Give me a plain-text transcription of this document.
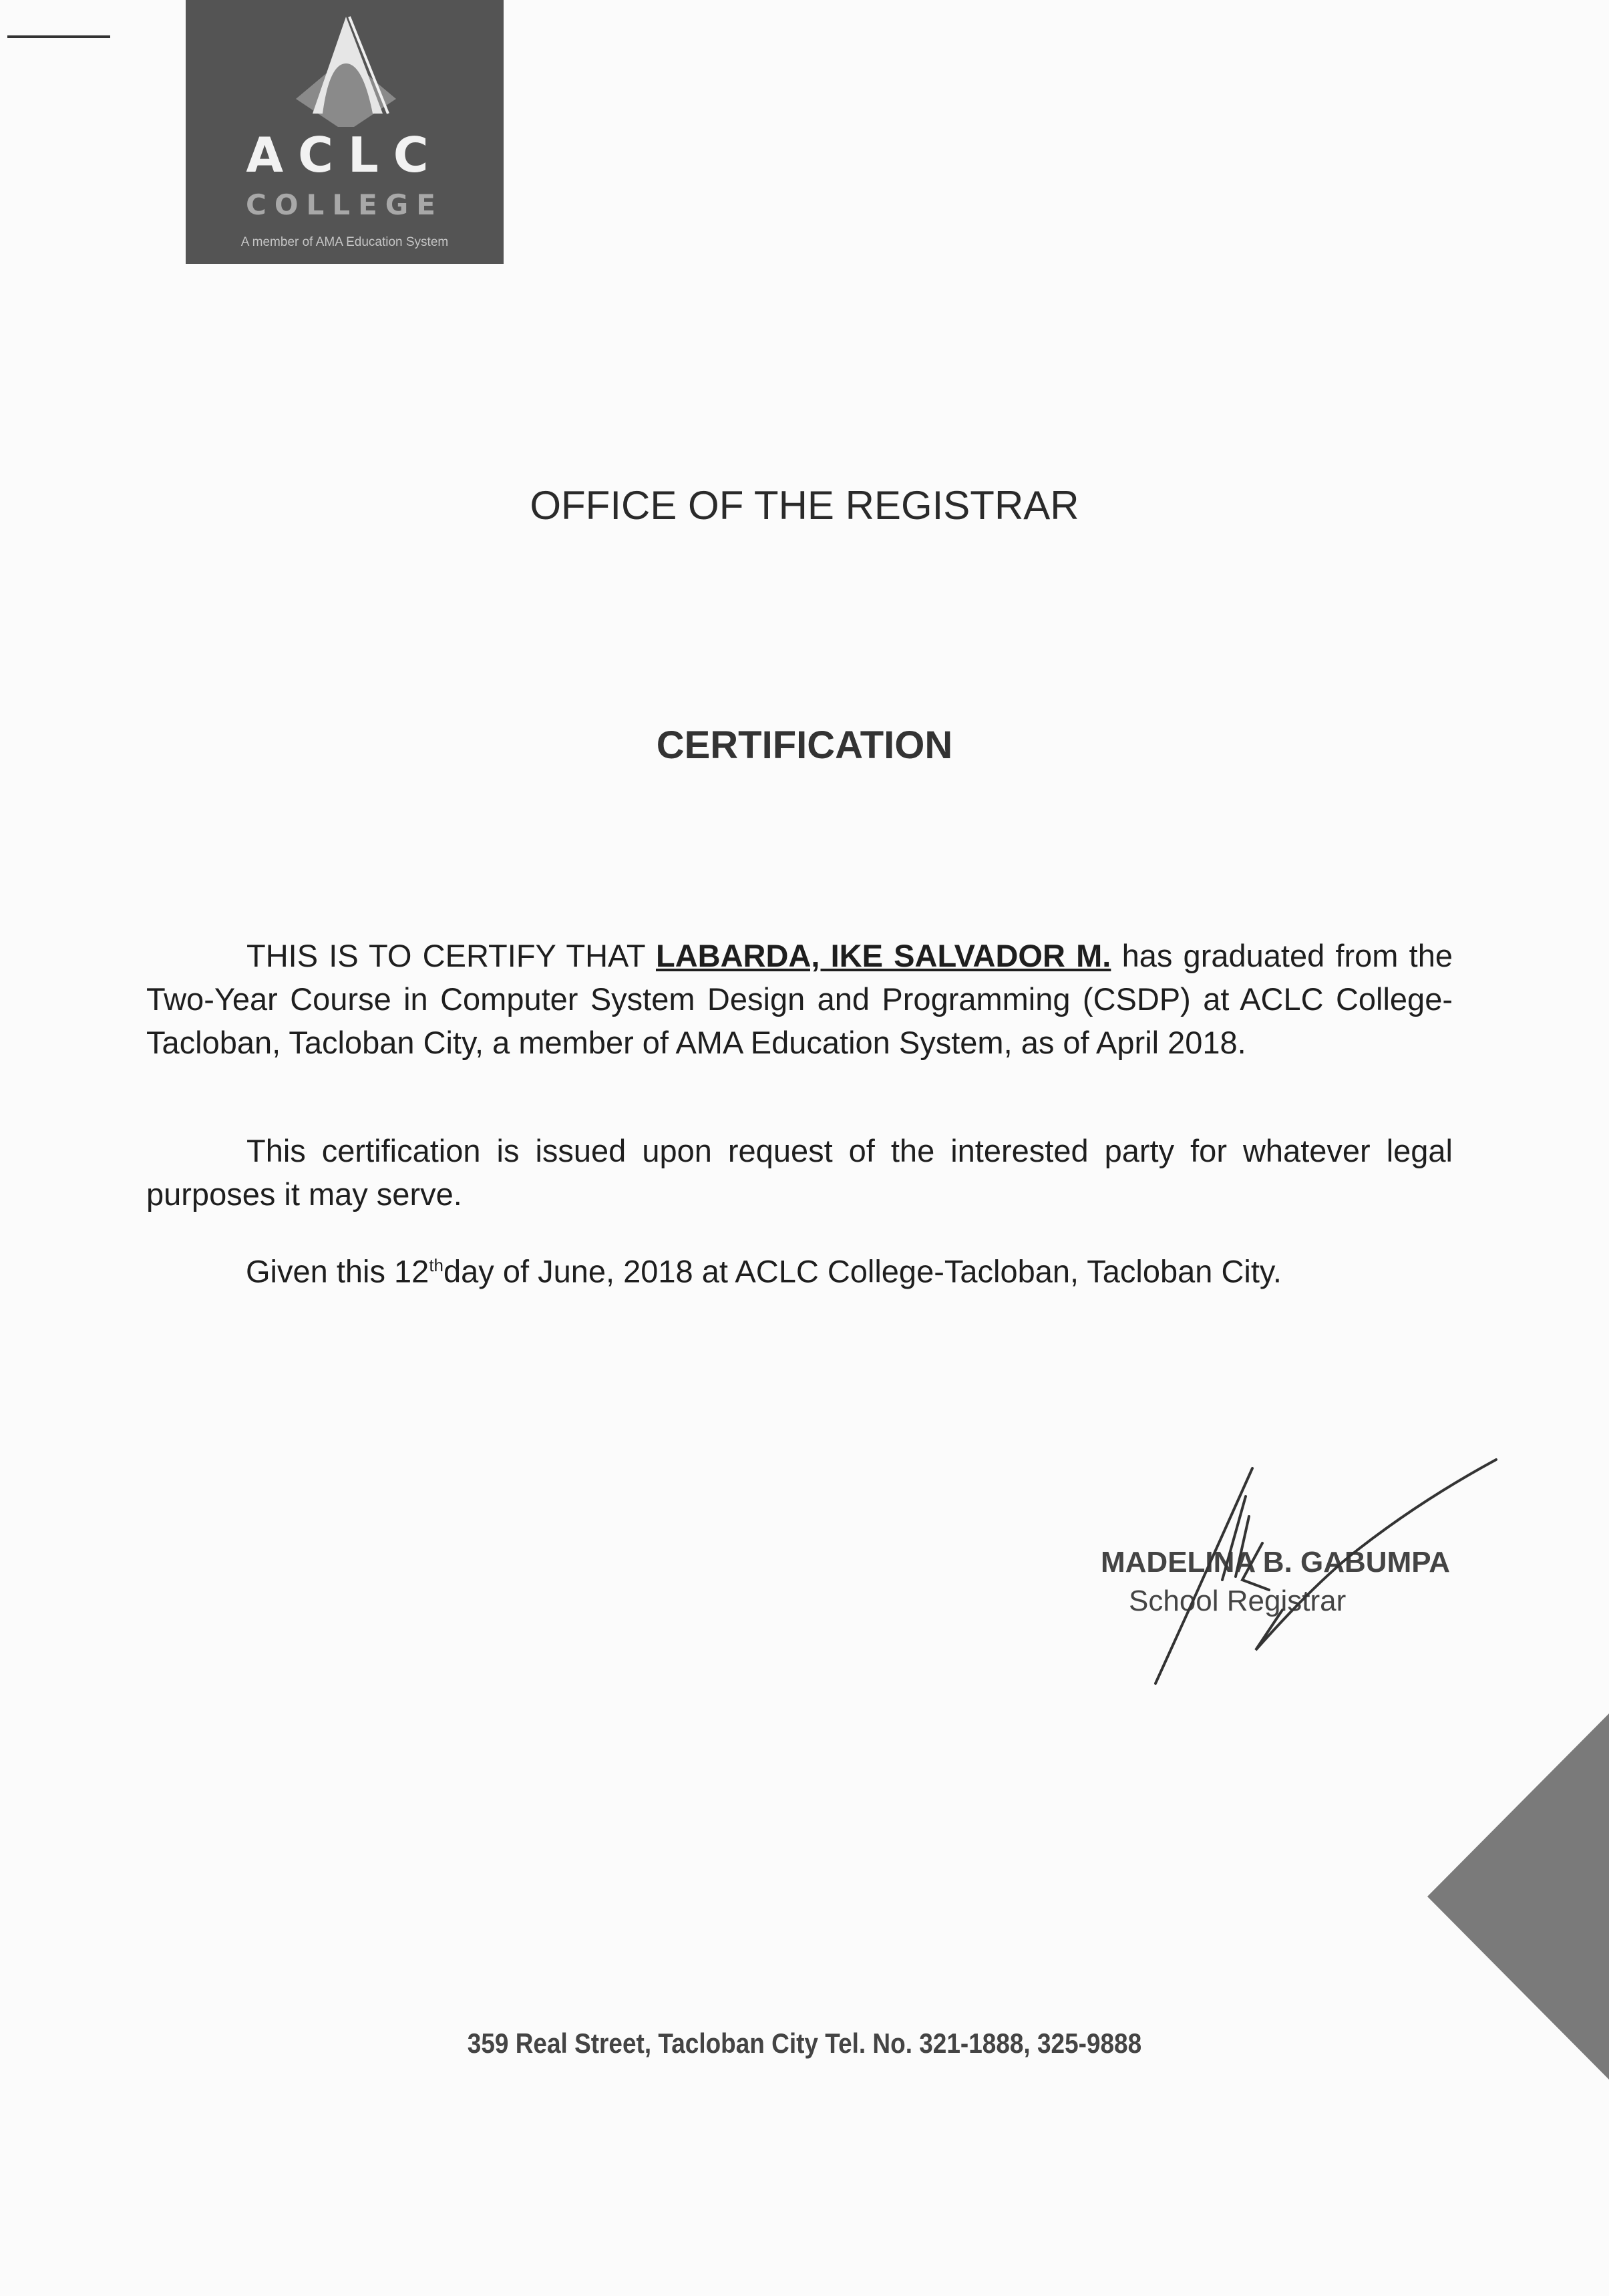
ACLC
COLLEGE
A member of AMA Education System
OFFICE OF THE REGISTRAR
CERTIFICATION
THIS IS TO CERTIFY THAT LABARDA, IKE SALVADOR M. has graduated from the Two-Year Course in Computer System Design and Programming (CSDP) at ACLC College-Tacloban, Tacloban City, a member of AMA Education System, as of April 2018.
This certification is issued upon request of the interested party for whatever legal purposes it may serve.
Given this 12thday of June, 2018 at ACLC College-Tacloban, Tacloban City.
MADELINA B. GABUMPA
School Registrar
359 Real Street, Tacloban City Tel. No. 321-1888, 325-9888
